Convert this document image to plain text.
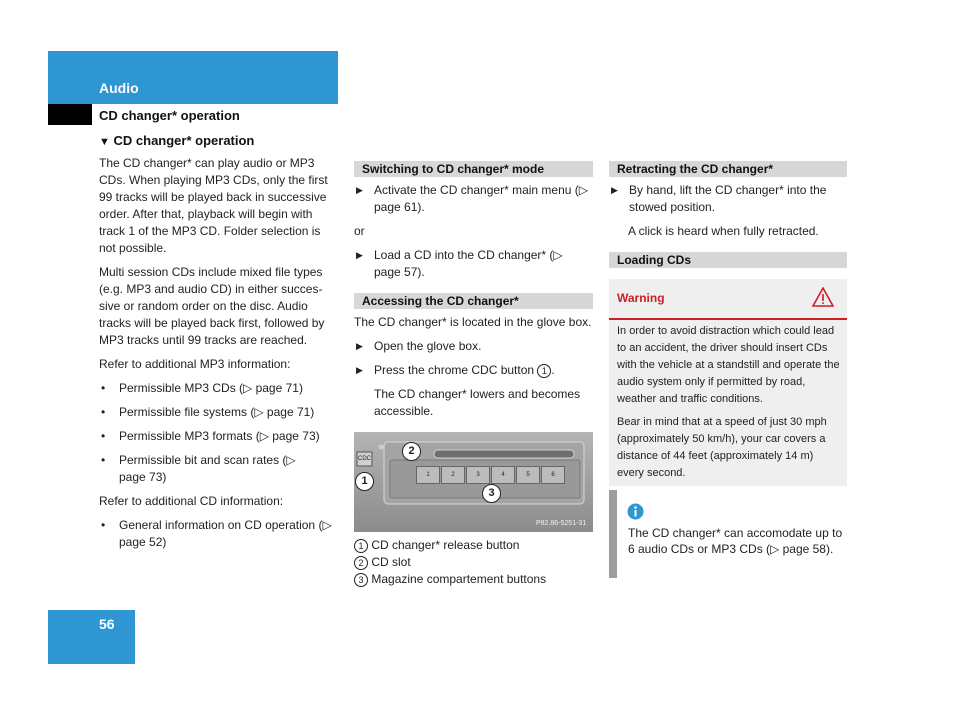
Audio
CD changer* operation
▼ CD changer* operation

The CD changer* can play audio or MP3 CDs. When playing MP3 CDs, only the first 99 tracks will be played back in successive order. After that, playback will begin with track 1 of the MP3 CD. Folder selection is not possible.

Multi session CDs include mixed file types (e.g. MP3 and audio CD) in either succes-sive or random order on the disc. Audio tracks will be played back first, followed by MP3 tracks until 99 tracks are reached.

Refer to additional MP3 information:

• Permissible MP3 CDs (▷ page 71)
• Permissible file systems (▷ page 71)
• Permissible MP3 formats (▷ page 73)
• Permissible bit and scan rates (▷ page 73)

Refer to additional CD information:

• General information on CD operation (▷ page 52)
Switching to CD changer* mode
▶ Activate the CD changer* main menu (▷ page 61).
or
▶ Load a CD into the CD changer* (▷ page 57).
Accessing the CD changer*
The CD changer* is located in the glove box.
▶ Open the glove box.
▶ Press the chrome CDC button 1 .
The CD changer* lowers and becomes accessible.
CDC
1	2	3	4	5	6
1
2
3
P82.86-5251-31
1 CD changer* release button
2 CD slot
3 Magazine compartement buttons
Retracting the CD changer*
▶ By hand, lift the CD changer* into the stowed position.
A click is heard when fully retracted.
Loading CDs
Warning

In order to avoid distraction which could lead to an accident, the driver should insert CDs with the vehicle at a standstill and operate the audio system only if permitted by road, weather and traffic conditions.

Bear in mind that at a speed of just 30 mph (approximately 50 km/h), your car covers a distance of 44 feet (approximately 14 m) every second.

The CD changer* can accomodate up to 6 audio CDs or MP3 CDs (▷ page 58).
56
